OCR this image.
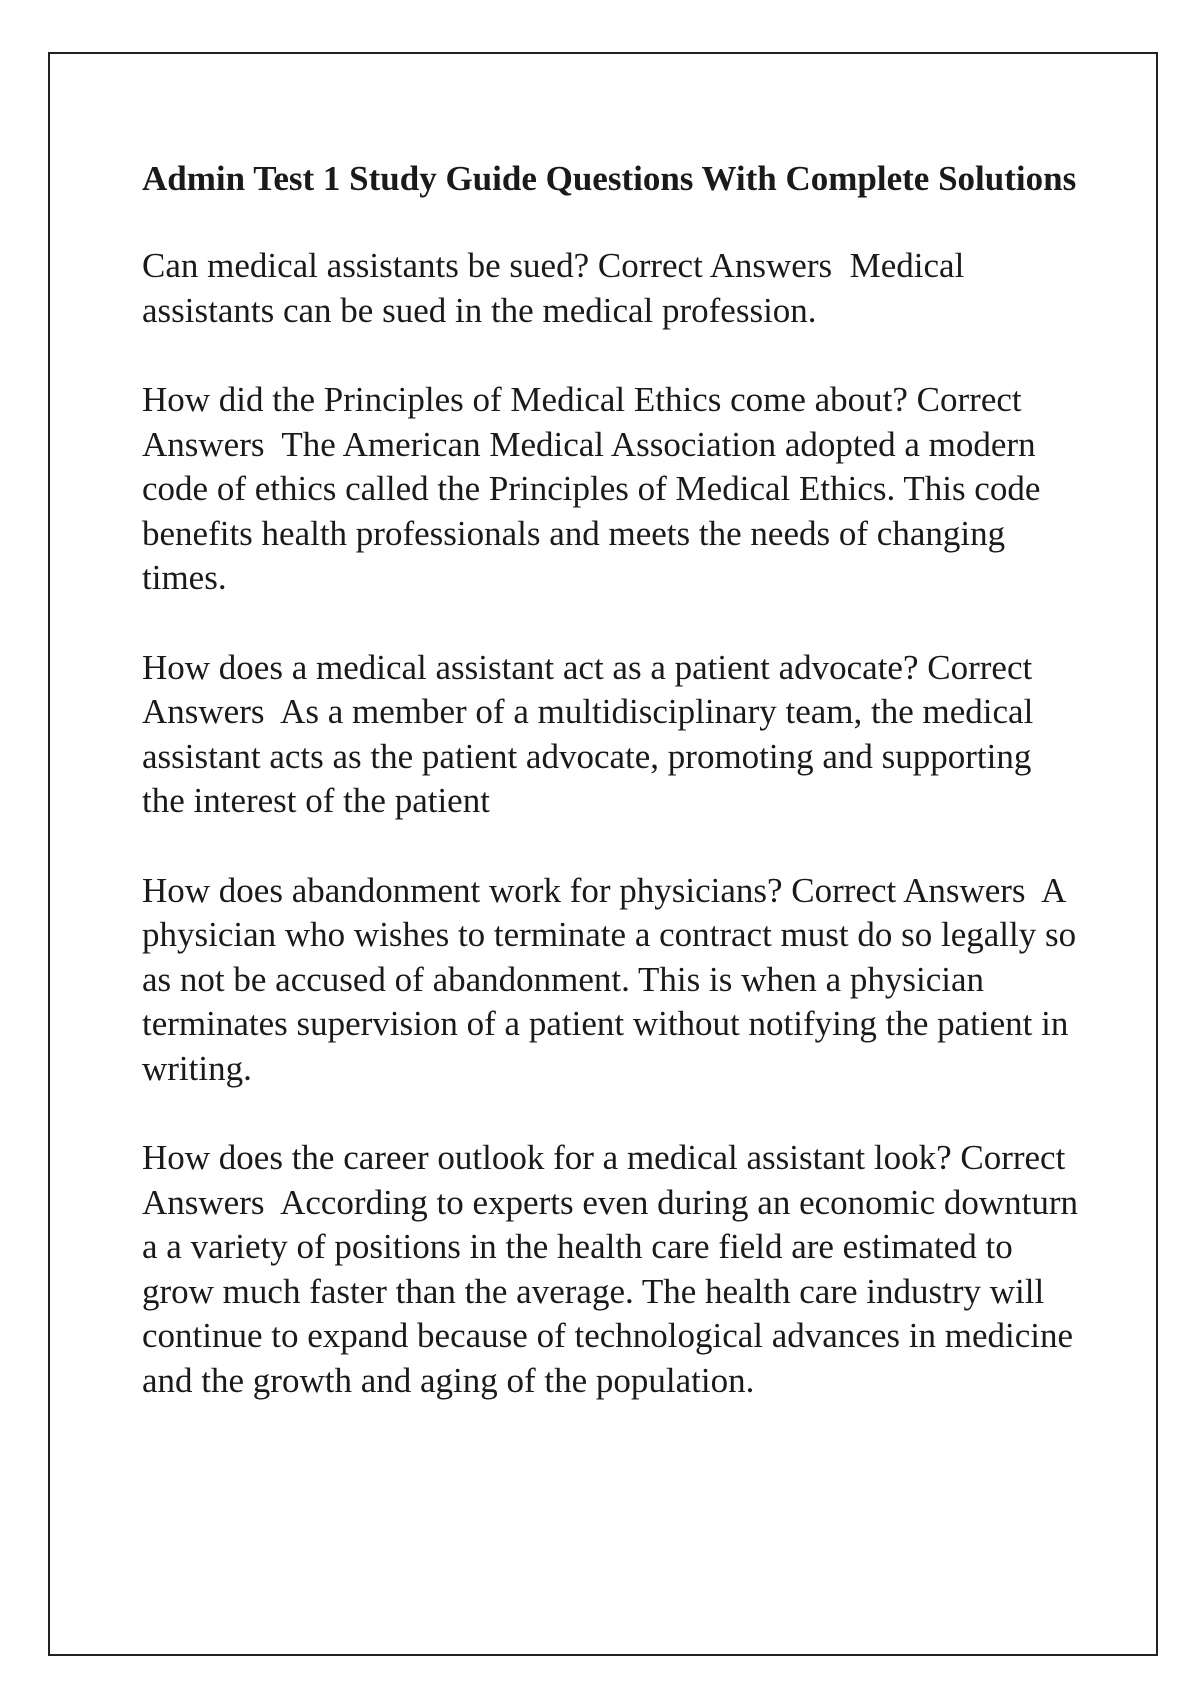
Admin Test 1 Study Guide Questions With Complete Solutions
Can medical assistants be sued? Correct Answers Medical assistants can be sued in the medical profession.
How did the Principles of Medical Ethics come about? Correct Answers The American Medical Association adopted a modern code of ethics called the Principles of Medical Ethics. This code benefits health professionals and meets the needs of changing times.
How does a medical assistant act as a patient advocate? Correct Answers As a member of a multidisciplinary team, the medical assistant acts as the patient advocate, promoting and supporting the interest of the patient
How does abandonment work for physicians? Correct Answers A physician who wishes to terminate a contract must do so legally so as not be accused of abandonment. This is when a physician terminates supervision of a patient without notifying the patient in writing.
How does the career outlook for a medical assistant look? Correct Answers According to experts even during an economic downturn a a variety of positions in the health care field are estimated to grow much faster than the average. The health care industry will continue to expand because of technological advances in medicine and the growth and aging of the population.
